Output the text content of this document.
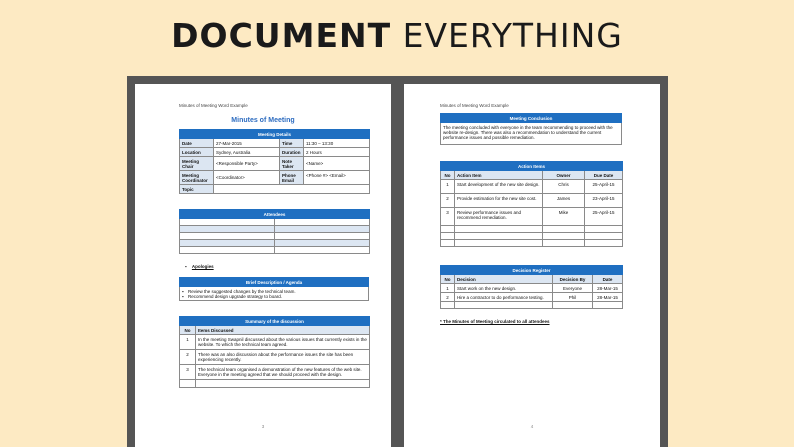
DOCUMENT EVERYTHING
Minutes of Meeting Word Example
Minutes of Meeting
Meeting Details			
Date	27-Mar-2015	Time	11:30 – 13:30
Location	Sydney, Australia	Duration	2 Hours
Meeting Chair	<Responsible Party>	Note Taker	<Name>
Meeting Coordinator	<Coordinator>	Phone Email	<Phone #> <Email>
Topic			
Attendees	

▪ Apologies
Brief Description / Agenda

▪ Review the suggested changes by the technical team.
▪ Recommend design upgrade strategy to board.
Summary of the discussion	
No	Items Discussed
1	In the meeting Swapnil discussed about the various issues that currently exists in the website. To which the technical team agreed.
2	There was an also discussion about the performance issues the site has been experiencing recently.
3	The technical team organised a demonstration of the new features of the web site. Everyone in the meeting agreed that we should proceed with the design.

3
Minutes of Meeting Word Example
Meeting Conclusion
The meeting concluded with everyone in the team recommending to proceed with the website re-design. There was also a recommendation to understand the current performance issues and possible remediation.
Action Items			
No	Action Item	Owner	Due Date
1	Start development of the new site design.	Chris	25-April-15
2	Provide estimation for the new site cost.	James	23-April-15
3	Review performance issues and recommend remediation.	Mike	25-April-15

Decision Register			
No	Decision	Decision By	Date
1	Start work on the new design.	Everyone	28-Mar-15
2	Hire a contractor to do performance testing.	Phil	28-Mar-15

* The Minutes of Meeting circulated to all attendees
4
